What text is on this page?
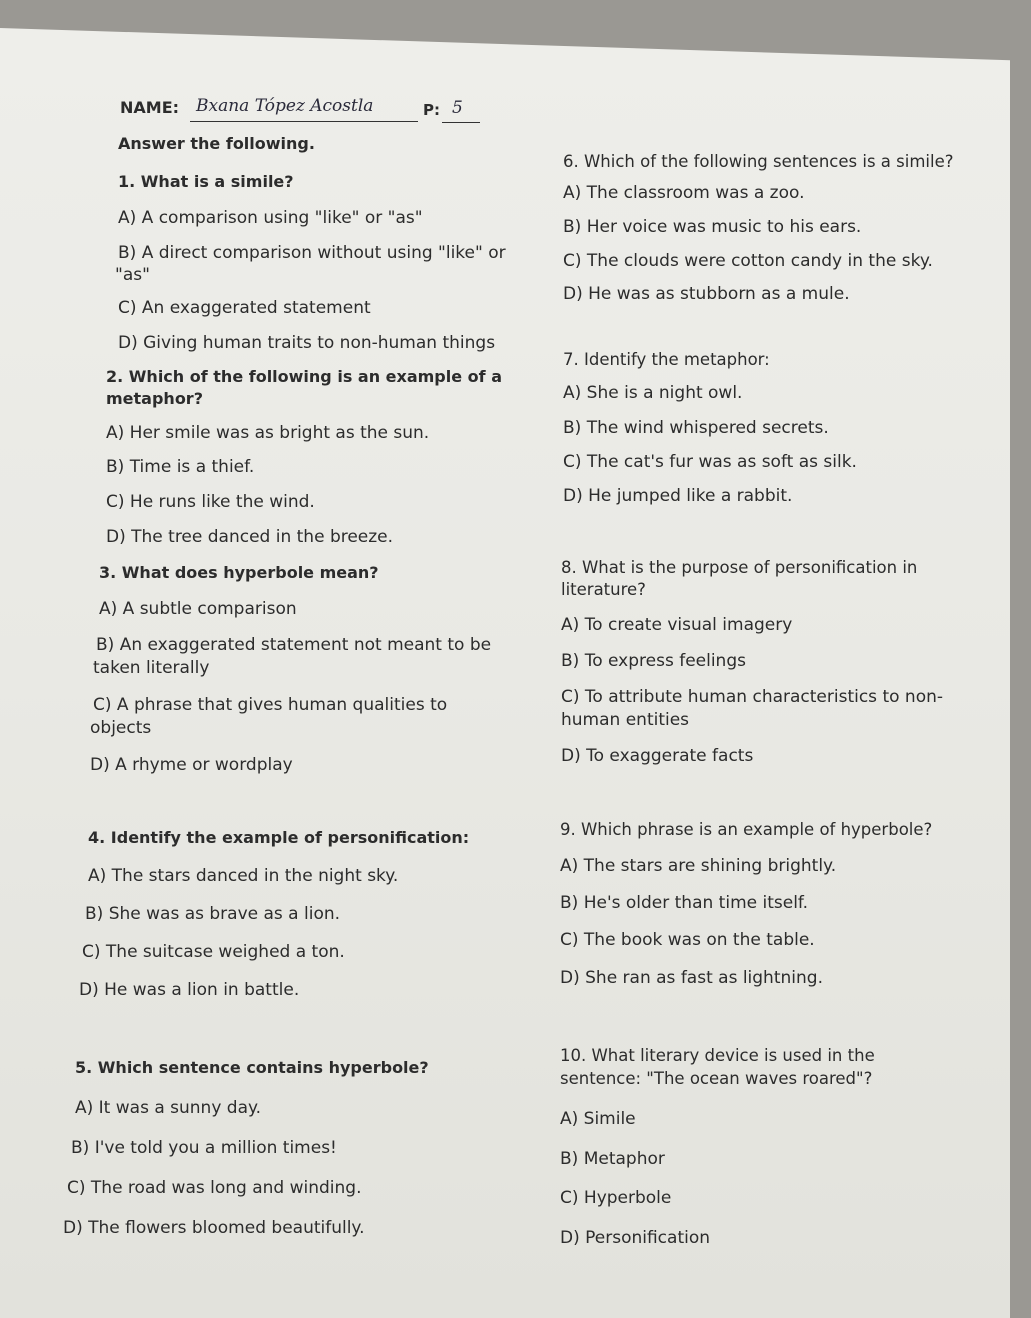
NAME: Bxana Tópez Acostla	P: 5
Answer the following.
1. What is a simile?
A) A comparison using "like" or "as"
B) A direct comparison without using "like" or
"as"
C) An exaggerated statement
D) Giving human traits to non-human things
2. Which of the following is an example of a
metaphor?
A) Her smile was as bright as the sun.
B) Time is a thief.
C) He runs like the wind.
D) The tree danced in the breeze.
3. What does hyperbole mean?
A) A subtle comparison
B) An exaggerated statement not meant to be
taken literally
C) A phrase that gives human qualities to
objects
D) A rhyme or wordplay
4. Identify the example of personification:
A) The stars danced in the night sky.
B) She was as brave as a lion.
C) The suitcase weighed a ton.
D) He was a lion in battle.
5. Which sentence contains hyperbole?
A) It was a sunny day.
B) I've told you a million times!
C) The road was long and winding.
D) The flowers bloomed beautifully.
6. Which of the following sentences is a simile?
A) The classroom was a zoo.
B) Her voice was music to his ears.
C) The clouds were cotton candy in the sky.
D) He was as stubborn as a mule.
7. Identify the metaphor:
A) She is a night owl.
B) The wind whispered secrets.
C) The cat's fur was as soft as silk.
D) He jumped like a rabbit.
8. What is the purpose of personification in
literature?
A) To create visual imagery
B) To express feelings
C) To attribute human characteristics to non-
human entities
D) To exaggerate facts
9. Which phrase is an example of hyperbole?
A) The stars are shining brightly.
B) He's older than time itself.
C) The book was on the table.
D) She ran as fast as lightning.
10. What literary device is used in the
sentence: "The ocean waves roared"?
A) Simile
B) Metaphor
C) Hyperbole
D) Personification
